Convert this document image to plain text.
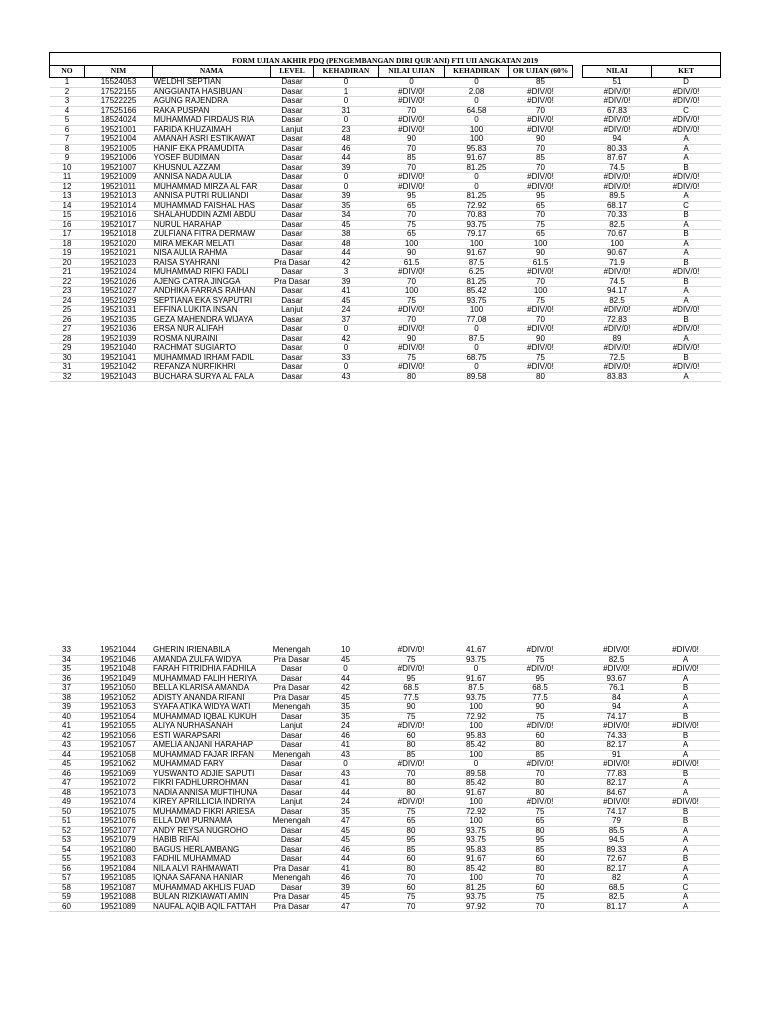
FORM UJIAN AKHIR PDQ (PENGEMBANGAN DIRI QUR'ANI) FTI UII ANGKATAN 2019										
NO	NIM	NAMA	LEVEL	KEHADIRAN	NILAI UJIAN	KEHADIRAN	OR UJIAN (60%		NILAI	KET
1	15524053	WELDHI SEPTIAN	Dasar	0	0	0	85		51	D
2	17522155	ANGGIANTA HASIBUAN	Dasar	1	#DIV/0!	2.08	#DIV/0!		#DIV/0!	#DIV/0!
3	17522225	AGUNG RAJENDRA	Dasar	0	#DIV/0!	0	#DIV/0!		#DIV/0!	#DIV/0!
4	17525166	RAKA PUSPAN	Dasar	31	70	64.58	70		67.83	C
5	18524024	MUHAMMAD FIRDAUS RIA	Dasar	0	#DIV/0!	0	#DIV/0!		#DIV/0!	#DIV/0!
6	19521001	FARIDA KHUZAIMAH	Lanjut	23	#DIV/0!	100	#DIV/0!		#DIV/0!	#DIV/0!
7	19521004	AMANAH ASRI ESTIKAWAT	Dasar	48	90	100	90		94	A
8	19521005	HANIF EKA PRAMUDITA	Dasar	46	70	95.83	70		80.33	A
9	19521006	YOSEF BUDIMAN	Dasar	44	85	91.67	85		87.67	A
10	19521007	KHUSNUL AZZAM	Dasar	39	70	81.25	70		74.5	B
11	19521009	ANNISA NADA AULIA	Dasar	0	#DIV/0!	0	#DIV/0!		#DIV/0!	#DIV/0!
12	19521011	MUHAMMAD MIRZA AL FAR	Dasar	0	#DIV/0!	0	#DIV/0!		#DIV/0!	#DIV/0!
13	19521013	ANNISA PUTRI RULIANDI	Dasar	39	95	81.25	95		89.5	A
14	19521014	MUHAMMAD FAISHAL HAS	Dasar	35	65	72.92	65		68.17	C
15	19521016	SHALAHUDDIN AZMI ABDU	Dasar	34	70	70.83	70		70.33	B
16	19521017	NURUL HARAHAP	Dasar	45	75	93.75	75		82.5	A
17	19521018	ZULFIANA FITRA DERMAW	Dasar	38	65	79.17	65		70.67	B
18	19521020	MIRA MEKAR MELATI	Dasar	48	100	100	100		100	A
19	19521021	NISA AULIA RAHMA	Dasar	44	90	91.67	90		90.67	A
20	19521023	RAISA SYAHRANI	Pra Dasar	42	61.5	87.5	61.5		71.9	B
21	19521024	MUHAMMAD RIFKI FADLI	Dasar	3	#DIV/0!	6.25	#DIV/0!		#DIV/0!	#DIV/0!
22	19521026	AJENG CATRA JINGGA	Pra Dasar	39	70	81.25	70		74.5	B
23	19521027	ANDHIKA FARRAS RAIHAN	Dasar	41	100	85.42	100		94.17	A
24	19521029	SEPTIANA EKA SYAPUTRI	Dasar	45	75	93.75	75		82.5	A
25	19521031	EFFINA LUKITA INSAN	Lanjut	24	#DIV/0!	100	#DIV/0!		#DIV/0!	#DIV/0!
26	19521035	GEZA MAHENDRA WIJAYA	Dasar	37	70	77.08	70		72.83	B
27	19521036	ERSA NUR ALIFAH	Dasar	0	#DIV/0!	0	#DIV/0!		#DIV/0!	#DIV/0!
28	19521039	ROSMA NURAINI	Dasar	42	90	87.5	90		89	A
29	19521040	RACHMAT SUGIARTO	Dasar	0	#DIV/0!	0	#DIV/0!		#DIV/0!	#DIV/0!
30	19521041	MUHAMMAD IRHAM FADIL	Dasar	33	75	68.75	75		72.5	B
31	19521042	REFANZA NURFIKHRI	Dasar	0	#DIV/0!	0	#DIV/0!		#DIV/0!	#DIV/0!
32	19521043	BUCHARA SURYA AL FALA	Dasar	43	80	89.58	80		83.83	A
33	19521044	GHERIN IRIENABILA	Menengah	10	#DIV/0!	41.67	#DIV/0!		#DIV/0!	#DIV/0!
34	19521046	AMANDA ZULFA WIDYA	Pra Dasar	45	75	93.75	75		82.5	A
35	19521048	FARAH FITRIDHIA FADHILA	Dasar	0	#DIV/0!	0	#DIV/0!		#DIV/0!	#DIV/0!
36	19521049	MUHAMMAD FALIH HERIYA	Dasar	44	95	91.67	95		93.67	A
37	19521050	BELLA KLARISA AMANDA	Pra Dasar	42	68.5	87.5	68.5		76.1	B
38	19521052	ADISTY ANANDA RIFANI	Pra Dasar	45	77.5	93.75	77.5		84	A
39	19521053	SYAFA ATIKA WIDYA WATI	Menengah	35	90	100	90		94	A
40	19521054	MUHAMMAD IQBAL KUKUH	Dasar	35	75	72.92	75		74.17	B
41	19521055	ALIYA NURHASANAH	Lanjut	24	#DIV/0!	100	#DIV/0!		#DIV/0!	#DIV/0!
42	19521056	ESTI WARAPSARI	Dasar	46	60	95.83	60		74.33	B
43	19521057	AMELIA ANJANI HARAHAP	Dasar	41	80	85.42	80		82.17	A
44	19521058	MUHAMMAD FAJAR IRFAN	Menengah	43	85	100	85		91	A
45	19521062	MUHAMMAD FARY	Dasar	0	#DIV/0!	0	#DIV/0!		#DIV/0!	#DIV/0!
46	19521069	YUSWANTO ADJIE SAPUTI	Dasar	43	70	89.58	70		77.83	B
47	19521072	FIKRI FADHLURROHMAN	Dasar	41	80	85.42	80		82.17	A
48	19521073	NADIA ANNISA MUFTIHUNA	Dasar	44	80	91.67	80		84.67	A
49	19521074	KIREY APRILLICIA INDRIYA	Lanjut	24	#DIV/0!	100	#DIV/0!		#DIV/0!	#DIV/0!
50	19521075	MUHAMMAD FIKRI ARIESA	Dasar	35	75	72.92	75		74.17	B
51	19521076	ELLA DWI PURNAMA	Menengah	47	65	100	65		79	B
52	19521077	ANDY REYSA NUGROHO	Dasar	45	80	93.75	80		85.5	A
53	19521079	HABIB RIFAI	Dasar	45	95	93.75	95		94.5	A
54	19521080	BAGUS HERLAMBANG	Dasar	46	85	95.83	85		89.33	A
55	19521083	FADHIL MUHAMMAD	Dasar	44	60	91.67	60		72.67	B
56	19521084	NILA ALVI RAHMAWATI	Pra Dasar	41	80	85.42	80		82.17	A
57	19521085	IQNAA SAFANA HANIAR	Menengah	46	70	100	70		82	A
58	19521087	MUHAMMAD AKHLIS FUAD	Dasar	39	60	81.25	60		68.5	C
59	19521088	BULAN RIZKIAWATI AMIN	Pra Dasar	45	75	93.75	75		82.5	A
60	19521089	NAUFAL AQIB AQIL FATTAH	Pra Dasar	47	70	97.92	70		81.17	A
